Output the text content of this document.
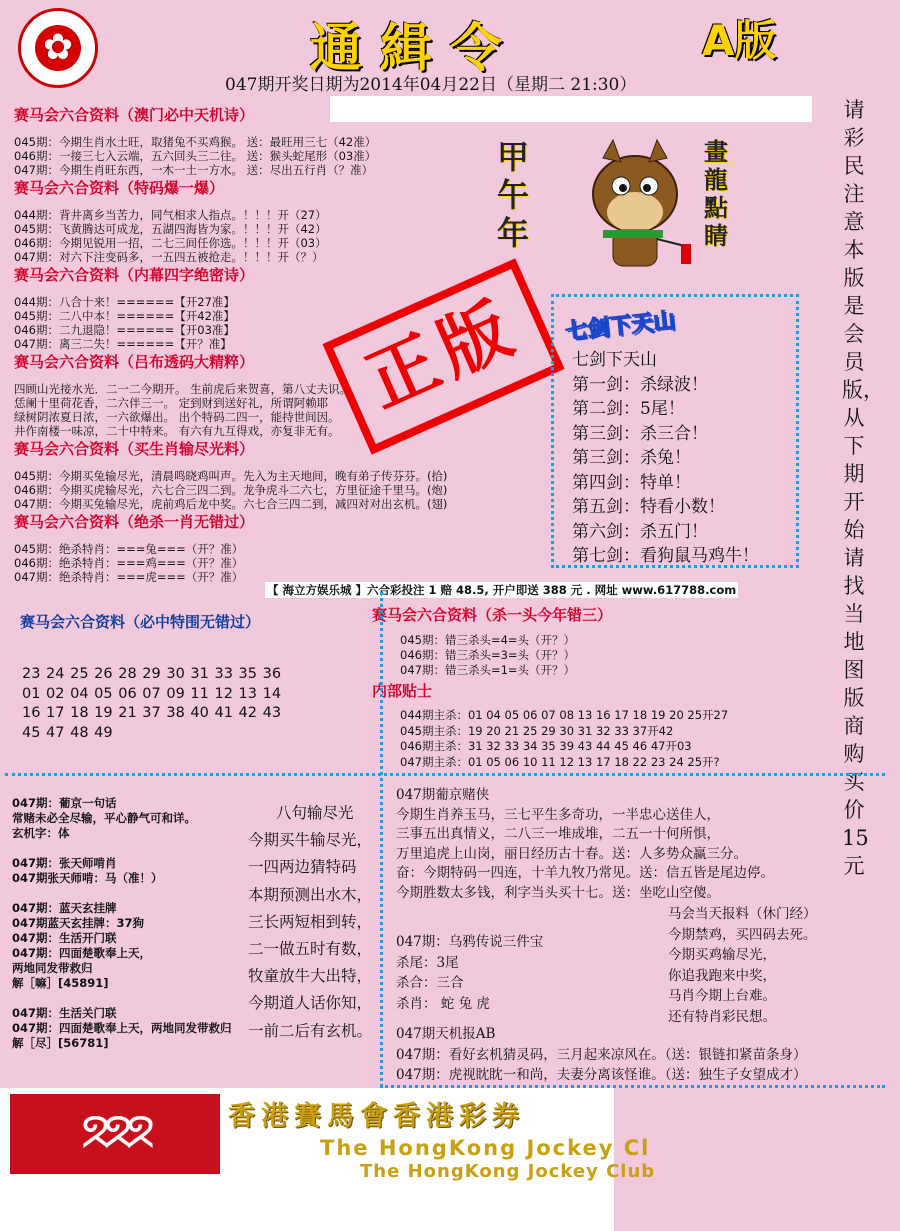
✿	通緝令	A版
047期开奖日期为2014年04月22日（星期二 21:30）
赛马会六合资料（澳门必中天机诗）
045期：今期生肖水土旺，取猪兔不买鸡猴。 送：最旺用三七（42准）
046期：一接三七入云端，五六回头三二往。 送：猴头蛇尾形（03准）
047期：今期生肖旺东西，一木一土一方水。 送：尽出五行肖（？准）
赛马会六合资料（特码爆一爆）
044期：背井离乡当苦力，同气相求人指点。！！！开（27）
045期：飞黄腾达可成龙，五湖四海皆为家。！！！开（42）
046期：今期见锐用一招，二七三间任你选。！！！开（03）
047期：对六下注变码多，一五四五被抢走。！！！开（？）
赛马会六合资料（内幕四字绝密诗）
044期：八合十来！======【开27准】
045期：二八中本！======【开42准】
046期：二九退隐！======【开03准】
047期：离三二失！======【开？准】
赛马会六合资料（吕布透码大精粹）
四顾山光接水光．二一二今期开。 生前虎后来贺喜，第八丈夫识。
恁阑十里荷花香，二六伴三一。 定到财到送好礼，所谓阿赖耶
绿树阴浓夏日浓，一六欲爆出。 出个特码二四一，能持世间因。
井作南楼一味凉，二十中特来。 有六有九互得戏，亦复非无有。
赛马会六合资料（买生肖输尽光料）
045期：今期买兔输尽光，清晨鸣晓鸡叫声。先入为主天地间，晚有弟子传芬芬。(拾)
046期：今期买虎输尽光，六七合三四二到。龙争虎斗二六七，方里征途千里马。(炮)
047期：今期买兔输尽光，虎前鸡后龙中奖。六七合三四二到，减四对对出玄机。(翅)
赛马会六合资料（绝杀一肖无错过）
045期：绝杀特肖：===兔===（开？准）
046期：绝杀特肖：===鸡===（开？准）
047期：绝杀特肖：===虎===（开？准）
赛马会六合资料（必中特围无错过）
23 24 25 26 28 29 30 31 33 35 36
01 02 04 05 06 07 09 11 12 13 14
16 17 18 19 21 37 38 40 41 42 43
45 47 48 49
正版
甲
午
年
畫
龍
點
睛
请彩民注意本版是会员版，从下期开始请找当地图版商购买价15元
七剑下天山
七剑下天山
第一剑：杀绿波！
第二剑：5尾！
第三剑：杀三合！
第三剑：杀兔！
第四剑：特单！
第五剑：特看小数！
第六剑：杀五门！
第七剑：看狗鼠马鸡牛！
【 海立方娱乐城 】六合彩投注 1 赔 48.5, 开户即送 388 元 . 网址 www.617788.com
赛马会六合资料（杀一头今年错三）
045期：错三杀头=4=头（开？）
046期：错三杀头=3=头（开？）
047期：错三杀头=1=头（开？）
内部贴士
044期主杀：01 04 05 06 07 08 13 16 17 18 19 20 25开27
045期主杀：19 20 21 25 29 30 31 32 33 37开42
046期主杀：31 32 33 34 35 39 43 44 45 46 47开03
047期主杀：01 05 06 10 11 12 13 17 18 22 23 24 25开?
047期：葡京一句话
常赌未必全尽输，平心静气可和详。
玄机字：体
047期：张天师啃肖
047期张天师啃：马（准！）
047期：蓝天玄挂牌
047期蓝天玄挂牌：37狗
047期：生活开门联
047期：四面楚歌奉上天，
两地同发带救归
解［嘛］[45891]
047期：生活关门联
047期：四面楚歌奉上天，两地同发带救归
解［尽］[56781]
八句输尽光
今期买牛输尽光，
一四两边猜特码
本期预测出水木，
三长两短相到转，
二一做五时有数，
牧童放牛大出特，
今期道人话你知，
一前二后有玄机。
047期葡京赌侠
今期生肖养玉马，三七平生多奇功，一半忠心送佳人，
三事五出真情义，二八三一堆成堆，二五一十何所惧，
万里追虎上山岗，丽日经历古十春。送：人多势众赢三分。
奋：今期特码一四连，十羊九牧乃常见。送：信五皆是尾边停。
今期胜数太多钱，利字当头买十七。送：坐吃山空傻。
047期：乌鸦传说三件宝
杀尾：3尾
杀合：三合
杀肖： 蛇 兔 虎
马会当天报料（休门经）
今期禁鸡，买四码去死。
今期买鸡输尽光，
你追我跑来中奖，
马肖今期上台难。
还有特肖彩民想。
047期天机报AB
047期：看好玄机猜灵码，三月起来凉风在。（送：银链扣紧苗条身）
047期：虎视眈眈一和尚，夫妻分离该怪谁。（送：独生子女望成才）
ᘝᘝᘝ	香港賽馬會香港彩券
The HongKong Jockey Cl
The HongKong Jockey Club
